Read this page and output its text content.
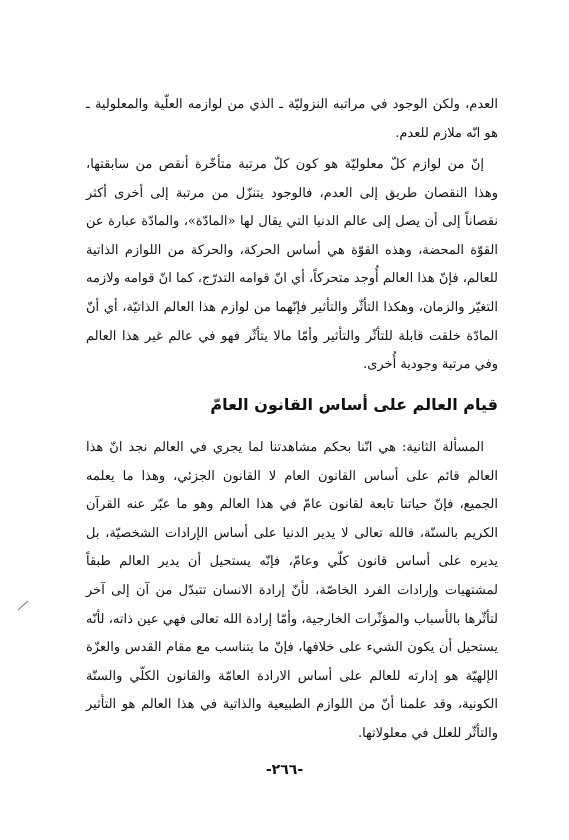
العدم، ولكن الوجود في مراتبه النزوليّة ـ الذي من لوازمه العلّية والمعلولية ـ هو انّه ملازم للعدم.

إنّ من لوازم كلّ معلوليّة هو كون كلّ مرتبة متأخّرة أنقص من سابقتها، وهذا النقصان طريق إلى العدم، فالوجود يتنزّل من مرتبة إلى أخرى أكثر نقصاناً إلى أن يصل إلى عالم الدنيا التي يقال لها «المادّة»، والمادّة عبارة عن القوّة المحضة، وهذه القوّة هي أساس الحركة، والحركة من اللوازم الذاتية للعالم، فإنّ هذا العالم أُوجد متحركاً، أي انّ قوامه التدرّج، كما انّ قوامه ولازمه التغيّر والزمان، وهكذا التأثّر والتأثير فإنّهما من لوازم هذا العالم الذاتيّة، أي أنّ المادّة خلقت قابلة للتأثّر والتأثير وأمّا مالا يتأثّر فهو في عالم غير هذا العالم وفي مرتبة وجودية أُخرى.

قيام العالم على أساس القانون العامّ

المسألة الثانية: هي انّنا بحكم مشاهدتنا لما يجري في العالم نجد انّ هذا العالم قائم على أساس القانون العام لا القانون الجزئي، وهذا ما يعلمه الجميع، فإنّ حياتنا تابعة لقانون عامّ في هذا العالم وهو ما عبّر عنه القرآن الكريم بالسنّة، فالله تعالى لا يدير الدنيا على أساس الإرادات الشخصيّة، بل يديره على أساس قانون كلّي وعامّ، فإنّه يستحيل أن يدير العالم طبقاً لمشتهيات وإرادات الفرد الخاصّة، لأنّ إرادة الانسان تتبدّل من آن إلى آخر لتأثّرها بالأسباب والمؤثّرات الخارجية، وأمّا إرادة الله تعالى فهي عين ذاته، لأنّه يستحيل أن يكون الشيء على خلافها، فإنّ ما يتناسب مع مقام القدس والعزّة الإلهيّة هو إدارته للعالم على أساس الارادة العامّة والقانون الكلّي والسنّة الكونية، وقد علمنا أنّ من اللوازم الطبيعية والذاتية في هذا العالم هو التأثير والتأثّر للعلل في معلولاتها.

-٢٦٦-
